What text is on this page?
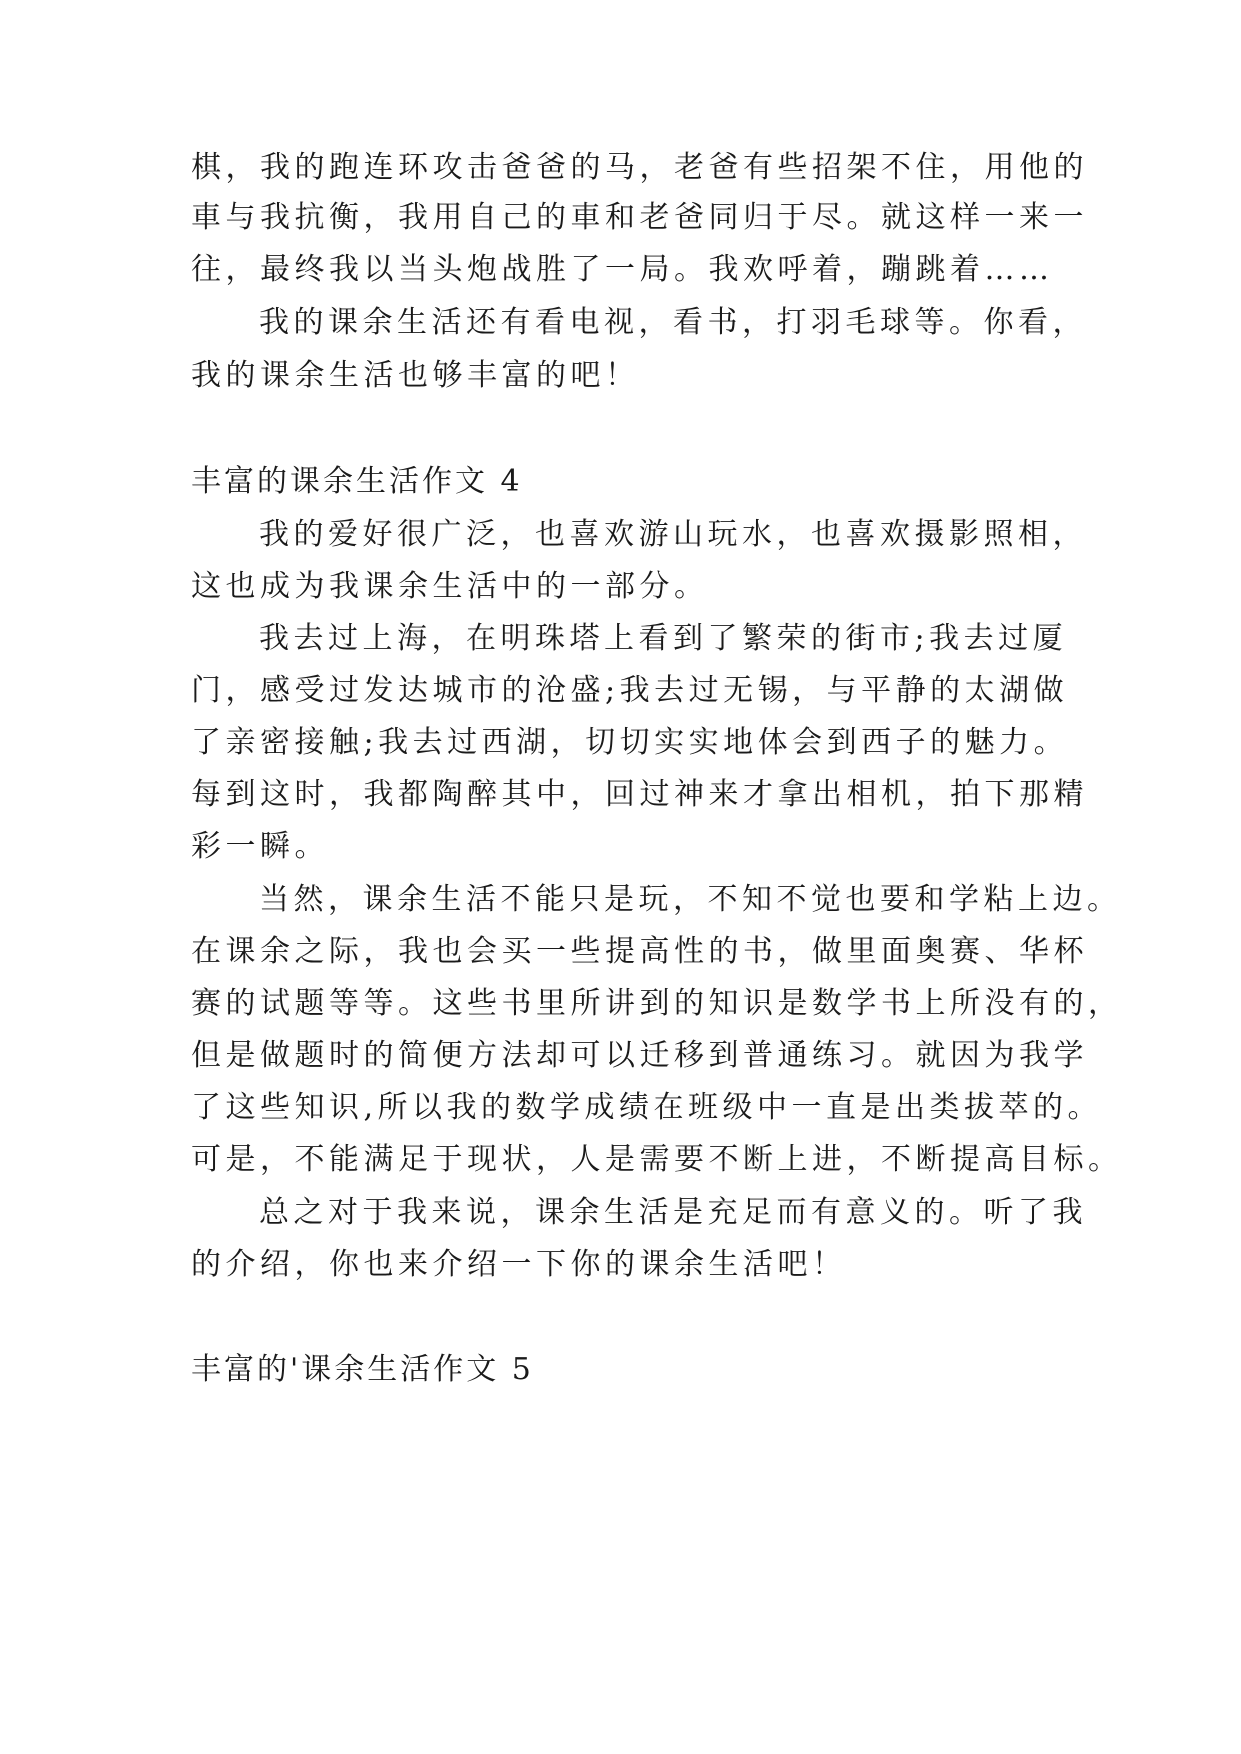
棋，我的跑连环攻击爸爸的马，老爸有些招架不住，用他的
車与我抗衡，我用自己的車和老爸同归于尽。就这样一来一
往，最终我以当头炮战胜了一局。我欢呼着，蹦跳着……
我的课余生活还有看电视，看书，打羽毛球等。你看，
我的课余生活也够丰富的吧！
丰富的课余生活作文 4
我的爱好很广泛，也喜欢游山玩水，也喜欢摄影照相，
这也成为我课余生活中的一部分。
我去过上海，在明珠塔上看到了繁荣的街市;我去过厦
门，感受过发达城市的沧盛;我去过无锡，与平静的太湖做
了亲密接触;我去过西湖，切切实实地体会到西子的魅力。
每到这时，我都陶醉其中，回过神来才拿出相机，拍下那精
彩一瞬。
当然，课余生活不能只是玩，不知不觉也要和学粘上边。
在课余之际，我也会买一些提高性的书，做里面奥赛、华杯
赛的试题等等。这些书里所讲到的知识是数学书上所没有的，
但是做题时的简便方法却可以迁移到普通练习。就因为我学
了这些知识,所以我的数学成绩在班级中一直是出类拔萃的。
可是，不能满足于现状，人是需要不断上进，不断提高目标。
总之对于我来说，课余生活是充足而有意义的。听了我
的介绍，你也来介绍一下你的课余生活吧！
丰富的'课余生活作文 5
